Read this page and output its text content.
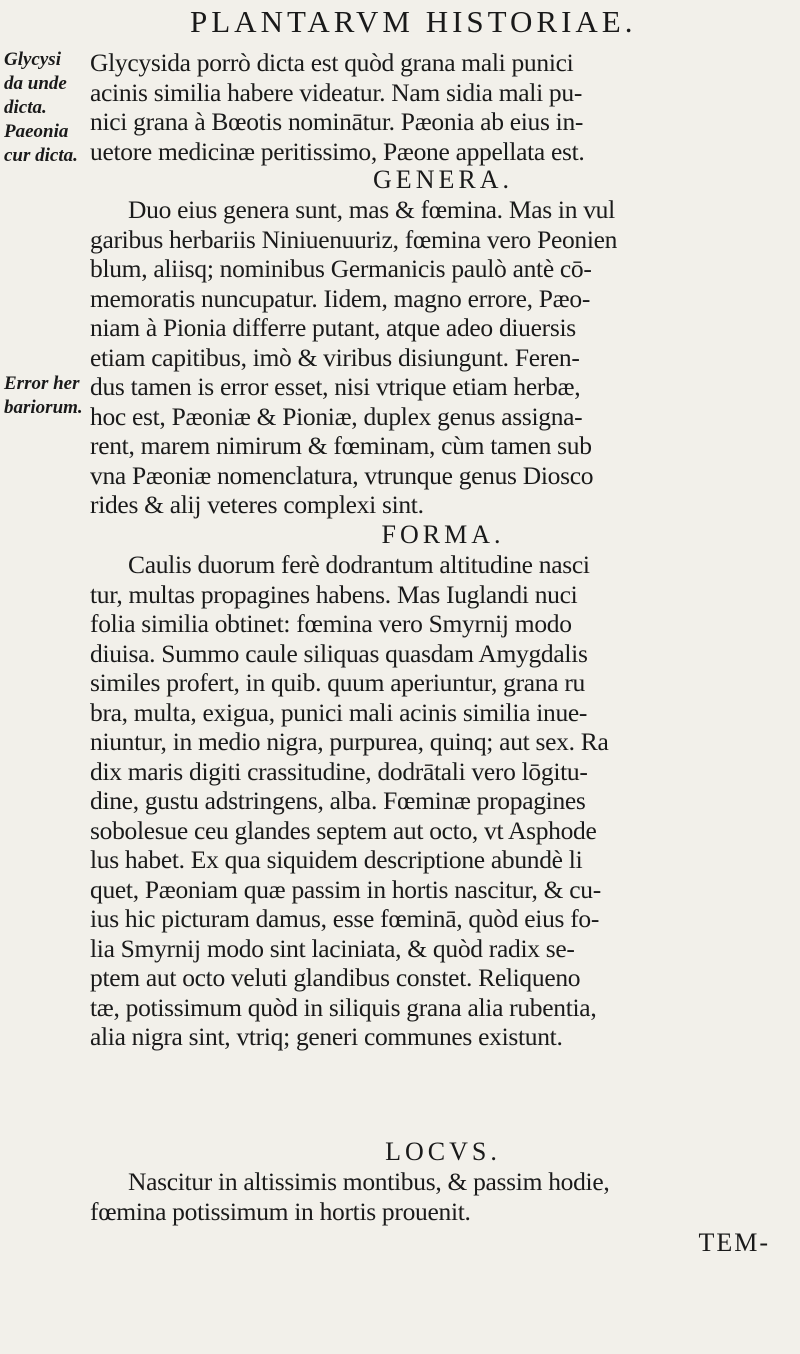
PLANTARVM HISTORIAE.
Glycysi
da unde
dicta.
Paeonia
cur dicta.
Error her
bariorum.
Glycysida porrò dicta est quòd grana mali punici
acinis similia habere videatur. Nam sidia mali pu-
nici grana à Bœotis nominātur. Pæonia ab eius in-
uetore medicinæ peritissimo, Pæone appellata est.
GENERA.
Duo eius genera sunt, mas & fœmina. Mas in vul
garibus herbariis Niniuenuuriz, fœmina vero Peonien
blum, aliisq; nominibus Germanicis paulò antè cō-
memoratis nuncupatur. Iidem, magno errore, Pæo-
niam à Pionia differre putant, atque adeo diuersis
etiam capitibus, imò & viribus disiungunt. Feren-
dus tamen is error esset, nisi vtrique etiam herbæ,
hoc est, Pæoniæ & Pioniæ, duplex genus assigna-
rent, marem nimirum & fœminam, cùm tamen sub
vna Pæoniæ nomenclatura, vtrunque genus Diosco
rides & alij veteres complexi sint.
FORMA.
Caulis duorum ferè dodrantum altitudine nasci
tur, multas propagines habens. Mas Iuglandi nuci
folia similia obtinet: fœmina vero Smyrnij modo
diuisa. Summo caule siliquas quasdam Amygdalis
similes profert, in quib. quum aperiuntur, grana ru
bra, multa, exigua, punici mali acinis similia inue-
niuntur, in medio nigra, purpurea, quinq; aut sex. Ra
dix maris digiti crassitudine, dodrātali vero lōgitu-
dine, gustu adstringens, alba. Fœminæ propagines
sobolesue ceu glandes septem aut octo, vt Asphode
lus habet. Ex qua siquidem descriptione abundè li
quet, Pæoniam quæ passim in hortis nascitur, & cu-
ius hic picturam damus, esse fœminā, quòd eius fo-
lia Smyrnij modo sint laciniata, & quòd radix se-
ptem aut octo veluti glandibus constet. Reliqueno
tæ, potissimum quòd in siliquis grana alia rubentia,
alia nigra sint, vtriq; generi communes existunt.
LOCVS.
Nascitur in altissimis montibus, & passim hodie,
fœmina potissimum in hortis prouenit.
TEM-
